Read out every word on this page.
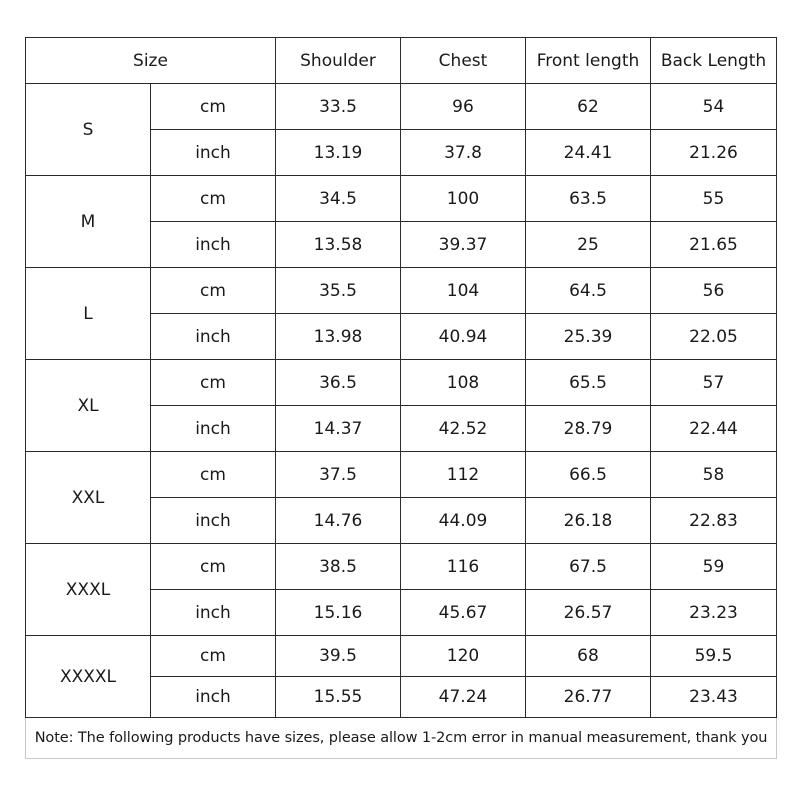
Size		Shoulder	Chest	Front length	Back Length
S	cm	33.5	96	62	54
	inch	13.19	37.8	24.41	21.26
M	cm	34.5	100	63.5	55
	inch	13.58	39.37	25	21.65
L	cm	35.5	104	64.5	56
	inch	13.98	40.94	25.39	22.05
XL	cm	36.5	108	65.5	57
	inch	14.37	42.52	28.79	22.44
XXL	cm	37.5	112	66.5	58
	inch	14.76	44.09	26.18	22.83
XXXL	cm	38.5	116	67.5	59
	inch	15.16	45.67	26.57	23.23
XXXXL	cm	39.5	120	68	59.5
	inch	15.55	47.24	26.77	23.43
Note: The following products have sizes, please allow 1-2cm error in manual measurement, thank you					
